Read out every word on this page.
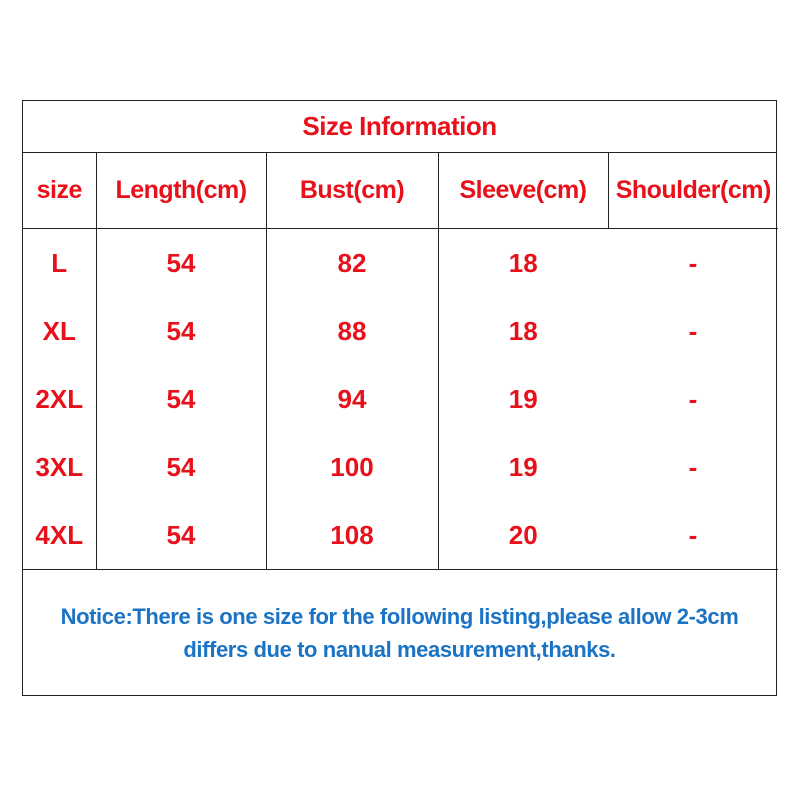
Size Information
size	Length(cm)	Bust(cm)	Sleeve(cm)	Shoulder(cm)
L	54	82	18	-
XL	54	88	18	-
2XL	54	94	19	-
3XL	54	100	19	-
4XL	54	108	20	-
Notice:There is one size for the following listing,please allow 2-3cm
differs due to nanual measurement,thanks.
